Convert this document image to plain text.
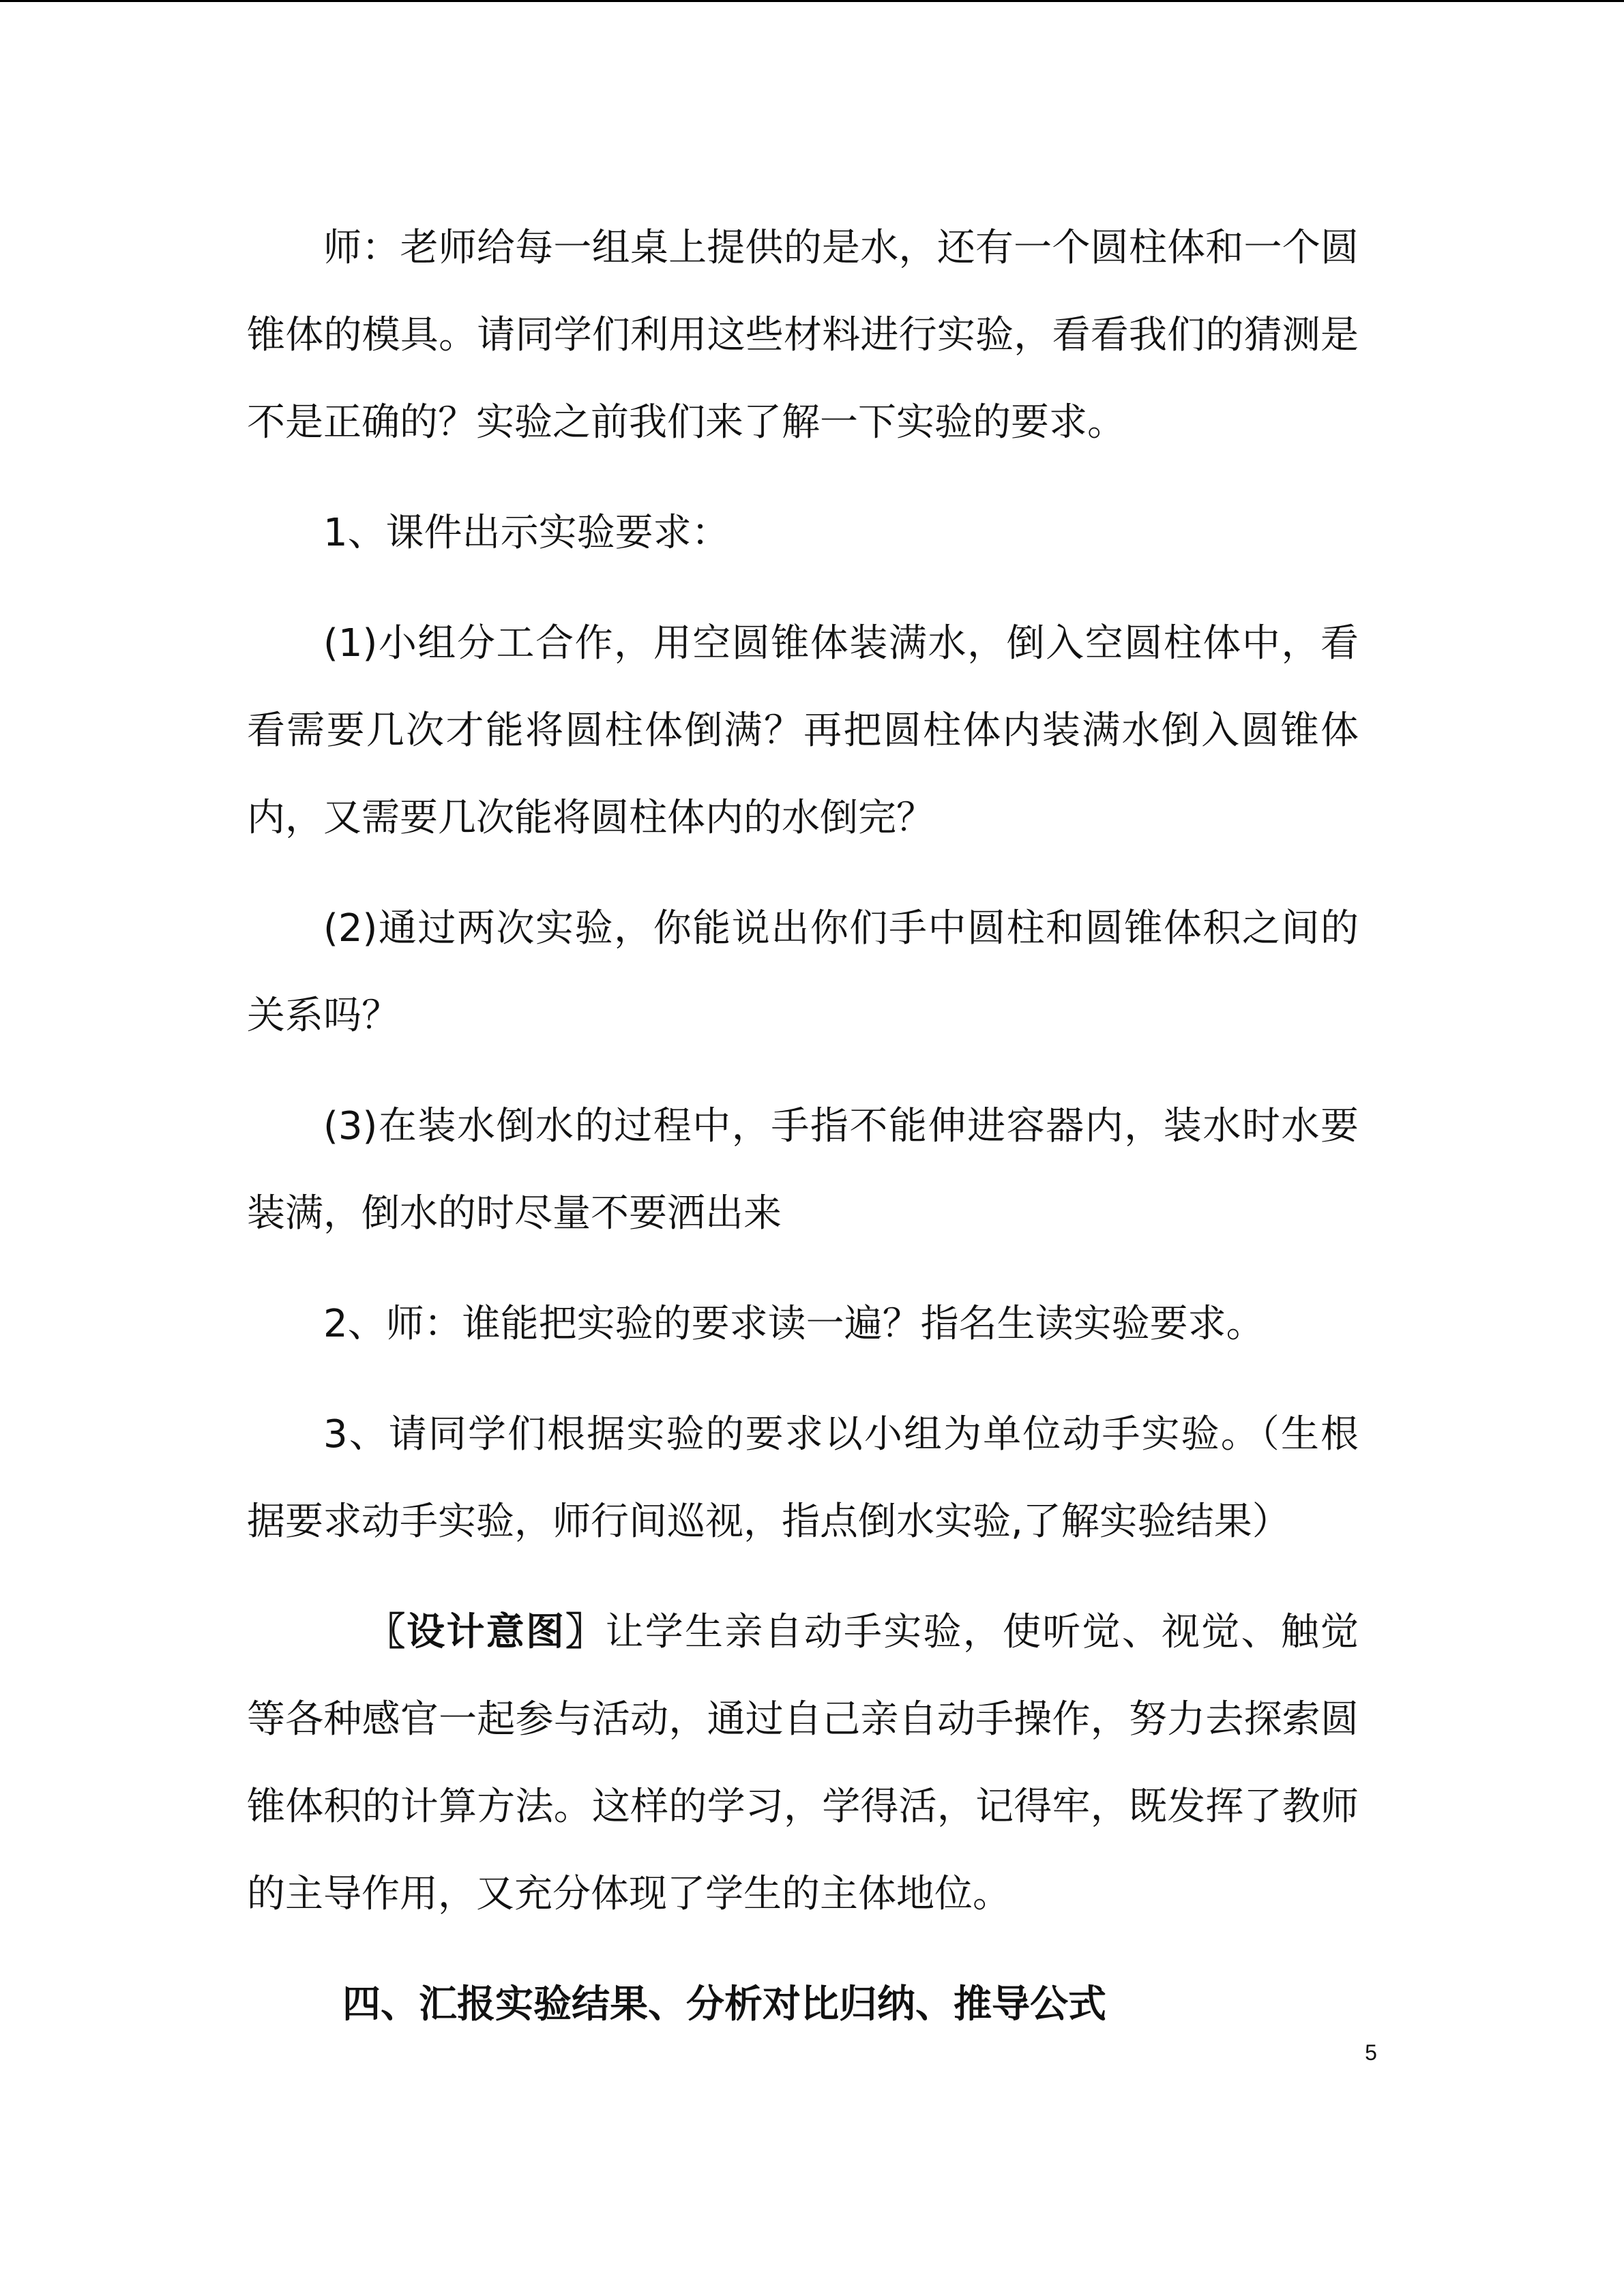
师：老师给每一组桌上提供的是水，还有一个圆柱体和一个圆锥体的模具。请同学们利用这些材料进行实验，看看我们的猜测是不是正确的？实验之前我们来了解一下实验的要求。

1、课件出示实验要求：

(1)小组分工合作，用空圆锥体装满水，倒入空圆柱体中，看看需要几次才能将圆柱体倒满？再把圆柱体内装满水倒入圆锥体内，又需要几次能将圆柱体内的水倒完？

(2)通过两次实验，你能说出你们手中圆柱和圆锥体积之间的关系吗？

(3)在装水倒水的过程中，手指不能伸进容器内，装水时水要装满，倒水的时尽量不要洒出来

2、师：谁能把实验的要求读一遍？指名生读实验要求。

3、请同学们根据实验的要求以小组为单位动手实验。（生根据要求动手实验，师行间巡视，指点倒水实验,了解实验结果）

〖设计意图〗让学生亲自动手实验，使听觉、视觉、触觉等各种感官一起参与活动，通过自己亲自动手操作，努力去探索圆锥体积的计算方法。这样的学习，学得活，记得牢，既发挥了教师的主导作用，又充分体现了学生的主体地位。

四、汇报实验结果、分析对比归纳、推导公式
5
